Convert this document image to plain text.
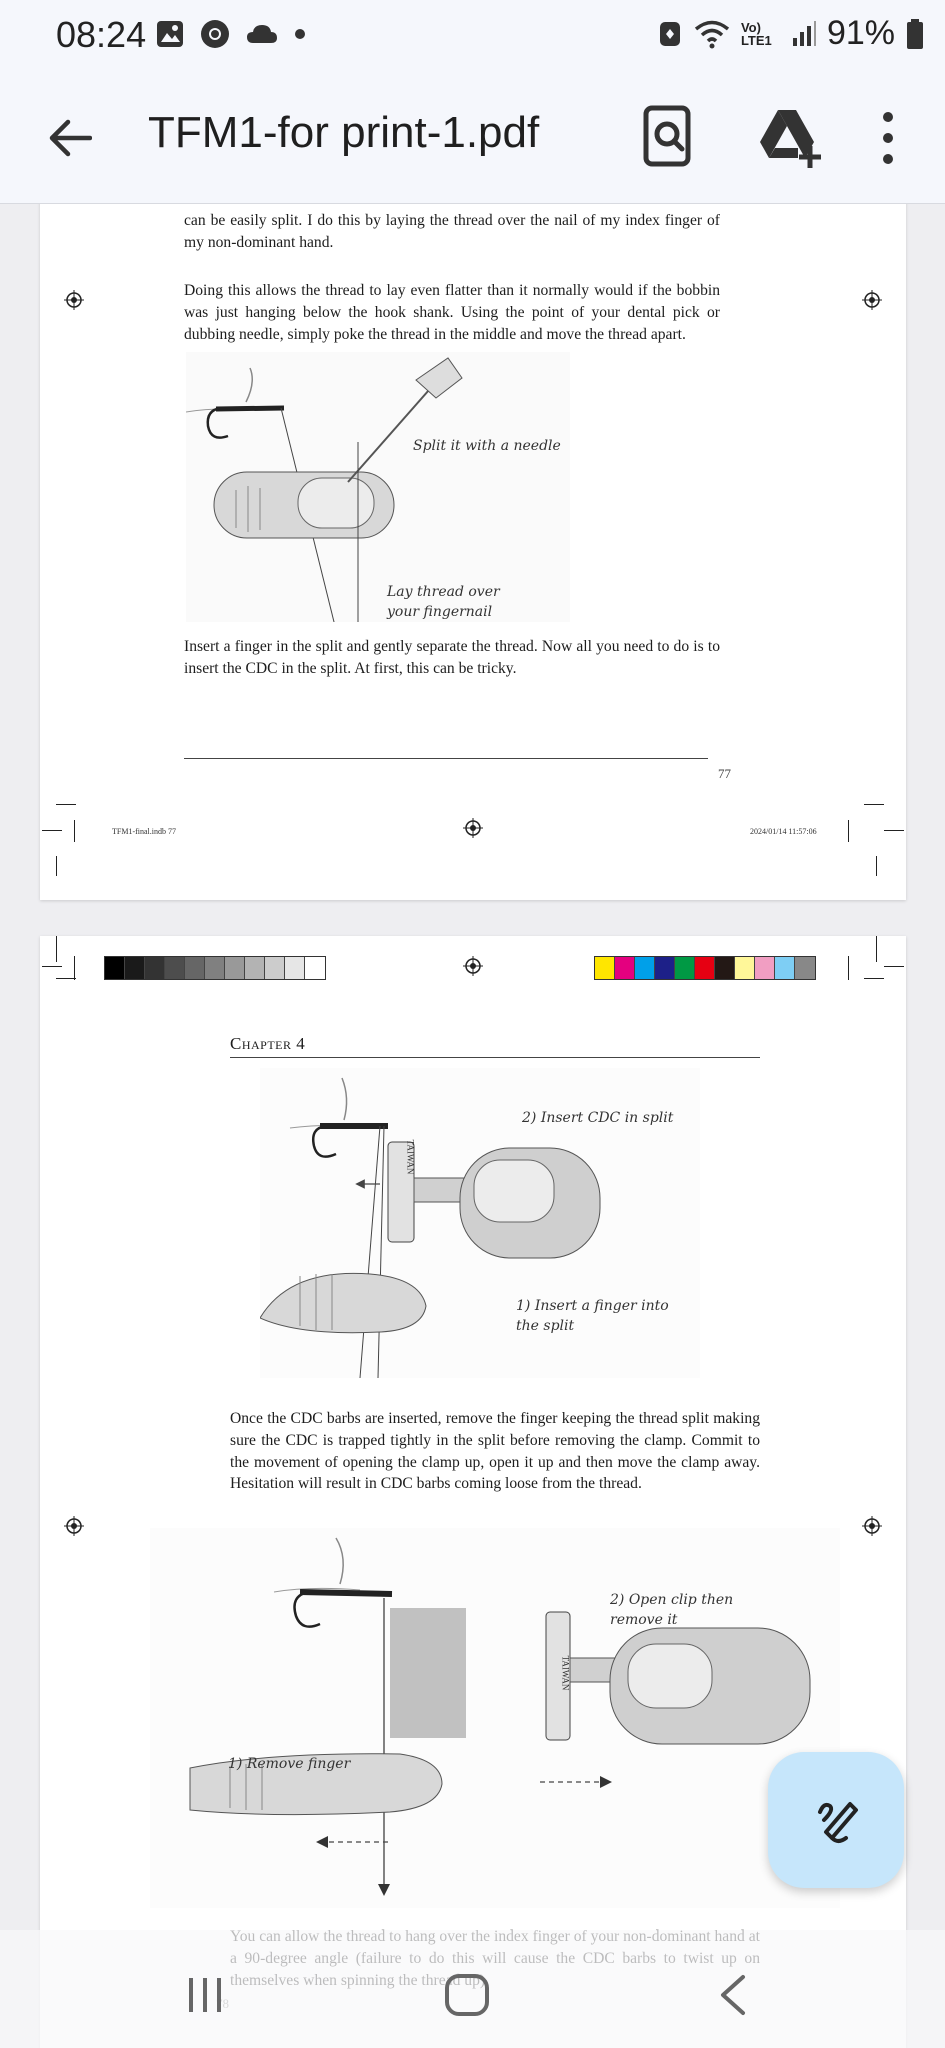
08:24	Vo) LTE1 91%
TFM1-for print-1.pdf
can be easily split. I do this by laying the thread over the nail of my index finger of my non-dominant hand.
Doing this allows the thread to lay even flatter than it normally would if the bobbin was just hanging below the hook shank. Using the point of your dental pick or dubbing needle, simply poke the thread in the middle and move the thread apart.
Split it with a needle
Lay thread over your fingernail
Insert a finger in the split and gently separate the thread. Now all you need to do is to insert the CDC in the split. At first, this can be tricky.
77
TFM1-final.indb 77	2024/01/14 11:57:06
Chapter 4
TAIWAN
2) Insert CDC in split
1) Insert a finger into the split
Once the CDC barbs are inserted, remove the finger keeping the thread split making sure the CDC is trapped tightly in the split before removing the clamp. Commit to the movement of opening the clamp up, open it up and then move the clamp away. Hesitation will result in CDC barbs coming loose from the thread.
TAIWAN
2) Open clip then remove it
1) Remove finger
